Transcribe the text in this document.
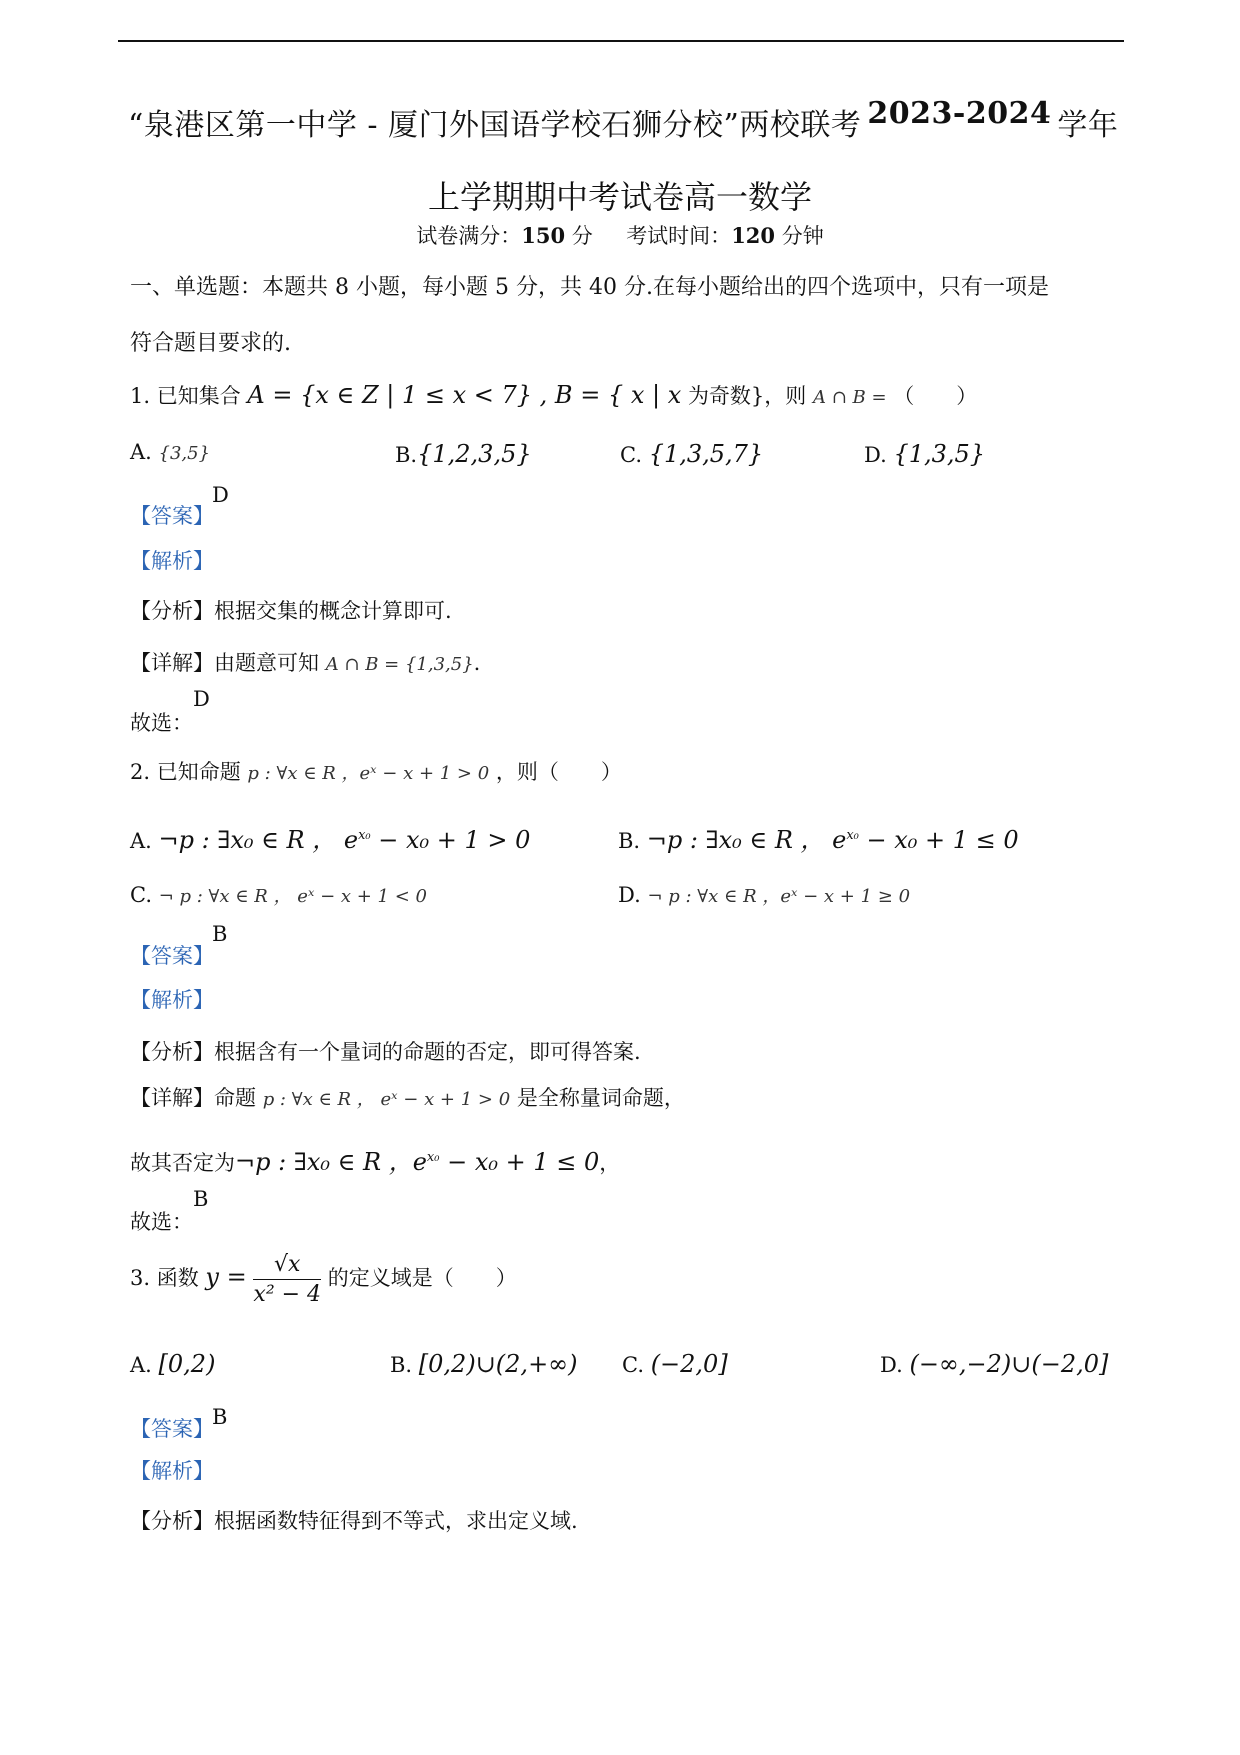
“泉港区第一中学 - 厦门外国语学校石狮分校”两校联考 2023-2024 学年
上学期期中考试卷高一数学
试卷满分：150 分 考试时间：120 分钟
一、单选题：本题共 8 小题，每小题 5 分，共 40 分.在每小题给出的四个选项中，只有一项是
符合题目要求的.
1. 已知集合 A = {x ∈ Z | 1 ≤ x < 7} , B = { x | x 为奇数}，则 A ∩ B = （　　）
A. {3,5}	B.{1,2,3,5}	C. {1,3,5,7}	D. {1,3,5}
【答案】
D
【解析】
【分析】根据交集的概念计算即可.
【详解】由题意可知 A ∩ B = {1,3,5}.
故选：
D
2. 已知命题 p : ∀x ∈ R ，eˣ − x + 1 > 0 ，则（　　）
A. ¬p : ∃x₀ ∈ R ， $e^{x_0} - x_0 + 1 > 0$	B. ¬p : ∃x₀ ∈ R ， $e^{x_0} - x_0 + 1 \le 0$
C. ¬ p : ∀x ∈ R ， eˣ − x + 1 < 0	D. ¬ p : ∀x ∈ R ，eˣ − x + 1 ≥ 0
【答案】
B
【解析】
【分析】根据含有一个量词的命题的否定，即可得答案.
【详解】命题 p : ∀x ∈ R ， eˣ − x + 1 > 0 是全称量词命题，
故其否定为¬p : ∃x₀ ∈ R ，$e^{x_0} - x_0 + 1 \le 0$，
故选：
B
3. 函数 $y = \frac{√x}{\text{x² − 4}}$ 的定义域是（　　）
A. [0,2)	B. [0,2)∪(2,+∞) C. (−2,0]	D. (−∞,−2)∪(−2,0]
【答案】
B
【解析】
【分析】根据函数特征得到不等式，求出定义域.
